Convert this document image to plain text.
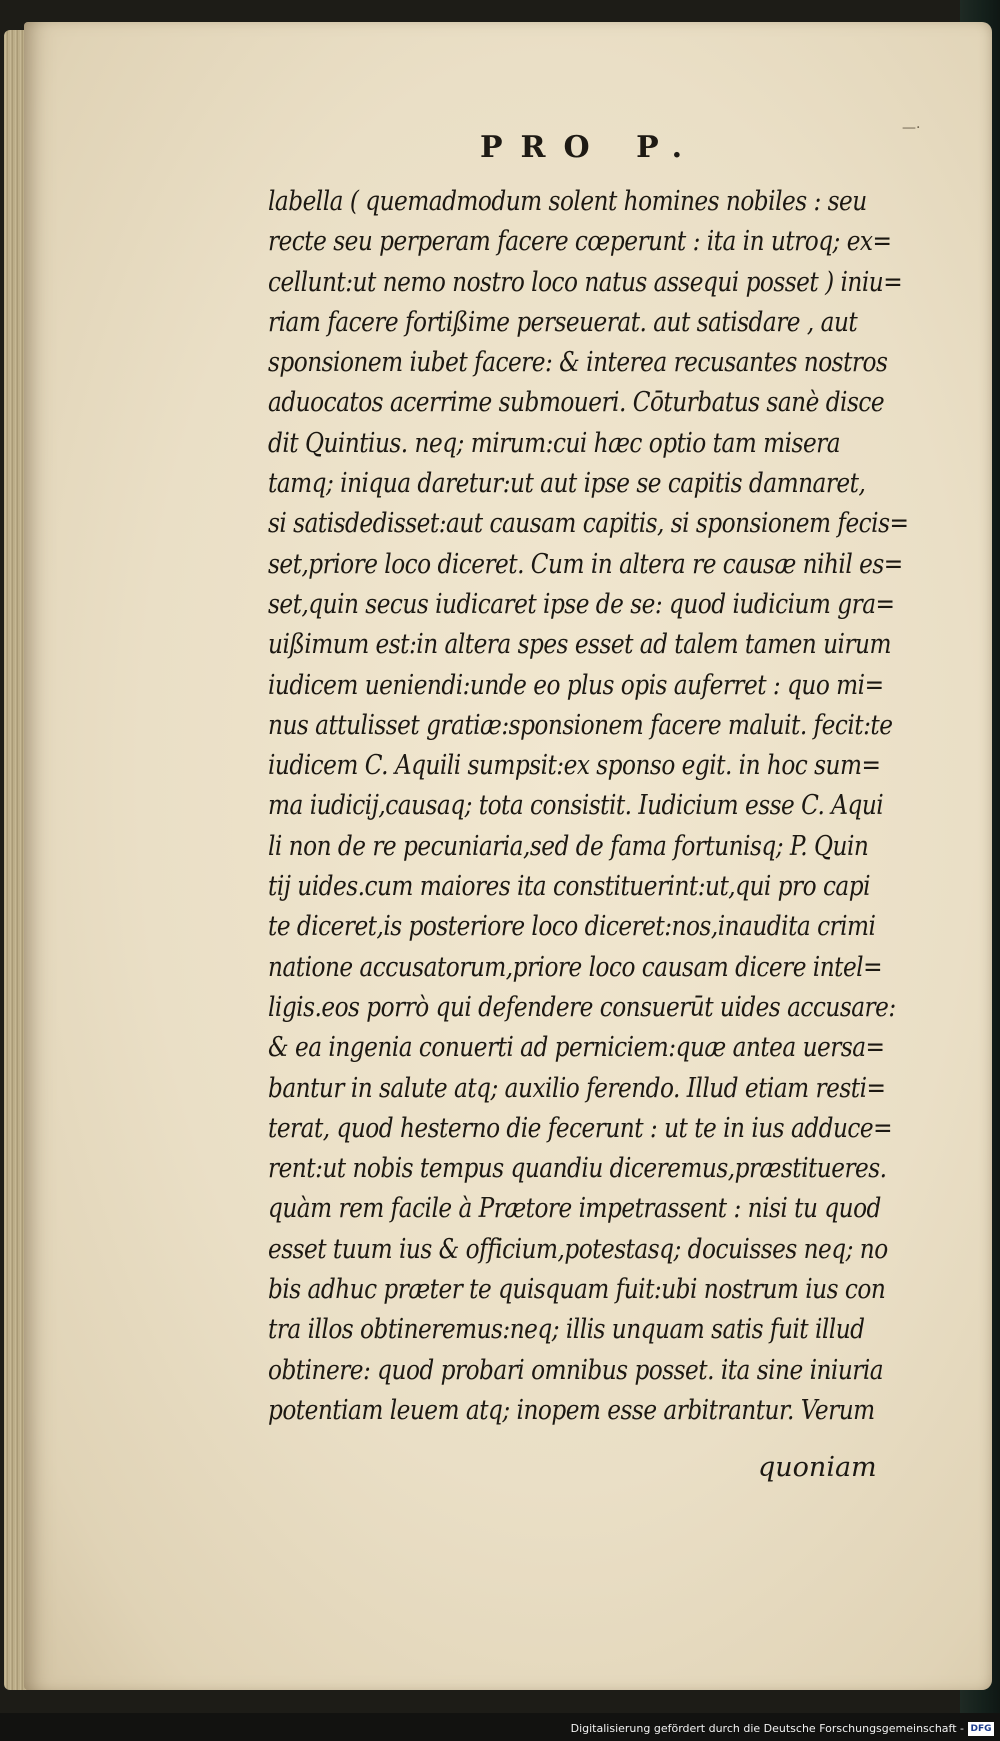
PRO P.
—·
labella ( quemadmodum solent homines nobiles : seu
recte seu perperam facere cœperunt : ita in utroq; ex=
cellunt:ut nemo nostro loco natus assequi posset ) iniu=
riam facere fortißime perseuerat. aut satisdare , aut
sponsionem iubet facere: & interea recusantes nostros
aduocatos acerrime submoueri. Cōturbatus sanè disce
dit Quintius. neq; mirum:cui hæc optio tam misera
tamq; iniqua daretur:ut aut ipse se capitis damnaret,
si satisdedisset:aut causam capitis, si sponsionem fecis=
set,priore loco diceret. Cum in altera re causæ nihil es=
set,quin secus iudicaret ipse de se: quod iudicium gra=
uißimum est:in altera spes esset ad talem tamen uirum
iudicem ueniendi:unde eo plus opis auferret : quo mi=
nus attulisset gratiæ:sponsionem facere maluit. fecit:te
iudicem C. Aquili sumpsit:ex sponso egit. in hoc sum=
ma iudicij,causaq; tota consistit. Iudicium esse C. Aqui
li non de re pecuniaria,sed de fama fortunisq; P. Quin
tij uides.cum maiores ita constituerint:ut,qui pro capi
te diceret,is posteriore loco diceret:nos,inaudita crimi
natione accusatorum,priore loco causam dicere intel=
ligis.eos porrò qui defendere consuerūt uides accusare:
& ea ingenia conuerti ad perniciem:quæ antea uersa=
bantur in salute atq; auxilio ferendo. Illud etiam resti=
terat, quod hesterno die fecerunt : ut te in ius adduce=
rent:ut nobis tempus quandiu diceremus,præstitueres.
quàm rem facile à Prætore impetrassent : nisi tu quod
esset tuum ius & officium,potestasq; docuisses neq; no
bis adhuc præter te quisquam fuit:ubi nostrum ius con
tra illos obtineremus:neq; illis unquam satis fuit illud
obtinere: quod probari omnibus posset. ita sine iniuria
potentiam leuem atq; inopem esse arbitrantur. Verum
quoniam
Digitalisierung gefördert durch die Deutsche Forschungsgemeinschaft - DFG
